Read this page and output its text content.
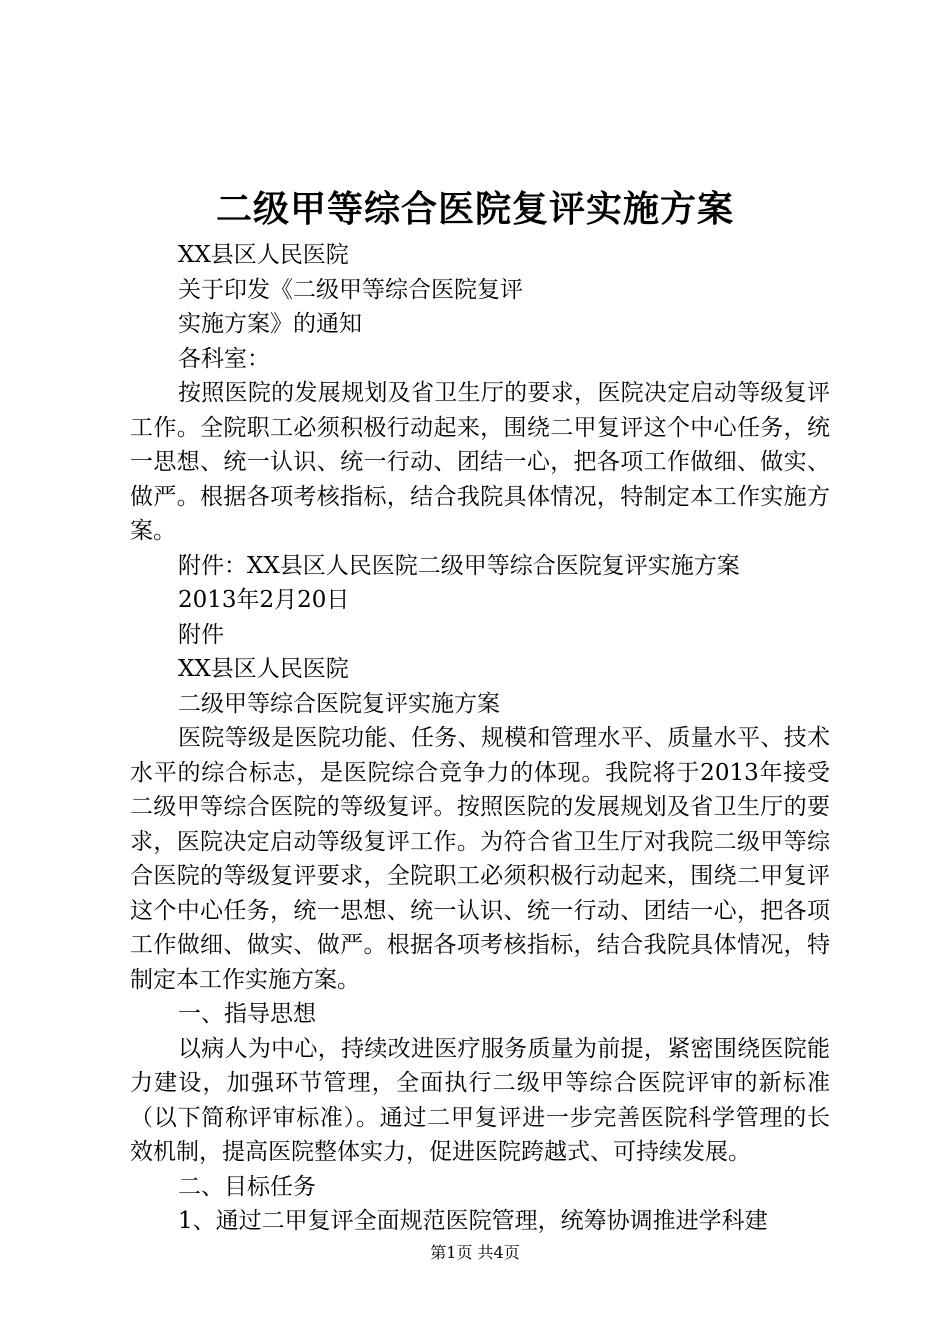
二级甲等综合医院复评实施方案

XX县区人民医院

关于印发《二级甲等综合医院复评

实施方案》的通知

各科室：

按照医院的发展规划及省卫生厅的要求，医院决定启动等级复评工作。全院职工必须积极行动起来，围绕二甲复评这个中心任务，统一思想、统一认识、统一行动、团结一心，把各项工作做细、做实、做严。根据各项考核指标，结合我院具体情况，特制定本工作实施方案。

附件：XX县区人民医院二级甲等综合医院复评实施方案

2013年2月20日

附件

XX县区人民医院

二级甲等综合医院复评实施方案

医院等级是医院功能、任务、规模和管理水平、质量水平、技术水平的综合标志，是医院综合竞争力的体现。我院将于2013年接受二级甲等综合医院的等级复评。按照医院的发展规划及省卫生厅的要求，医院决定启动等级复评工作。为符合省卫生厅对我院二级甲等综合医院的等级复评要求，全院职工必须积极行动起来，围绕二甲复评这个中心任务，统一思想、统一认识、统一行动、团结一心，把各项工作做细、做实、做严。根据各项考核指标，结合我院具体情况，特制定本工作实施方案。

一、指导思想

以病人为中心，持续改进医疗服务质量为前提，紧密围绕医院能力建设，加强环节管理，全面执行二级甲等综合医院评审的新标准（以下简称评审标准）。通过二甲复评进一步完善医院科学管理的长效机制，提高医院整体实力，促进医院跨越式、可持续发展。

二、目标任务

1、通过二甲复评全面规范医院管理，统筹协调推进学科建

第1页 共4页
